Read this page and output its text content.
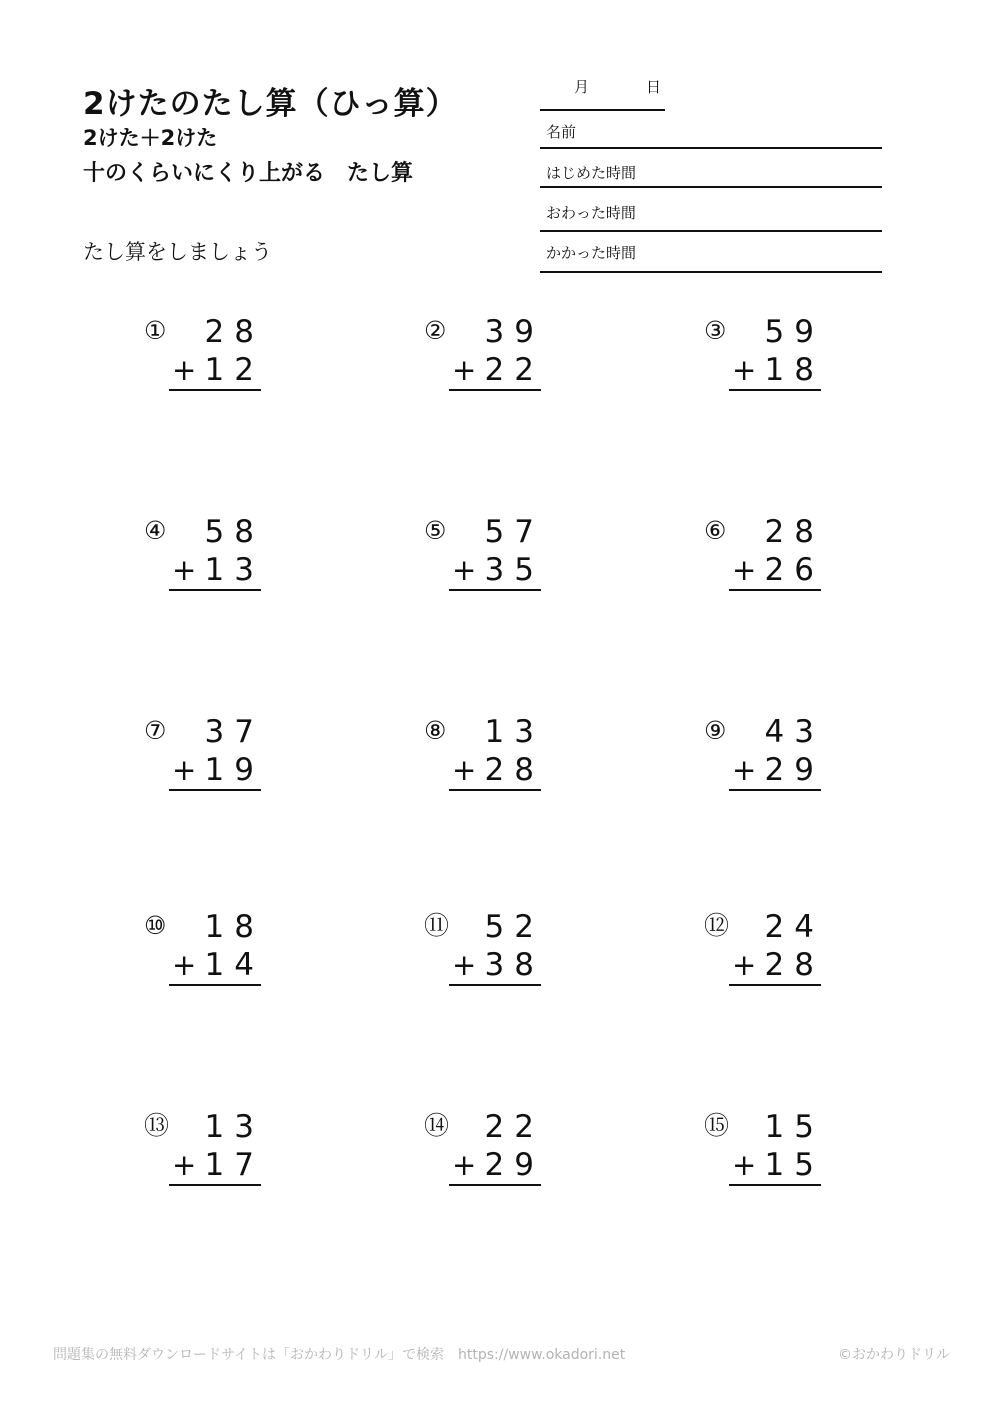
2けたのたし算（ひっ算）
2けた＋2けた
十のくらいにくり上がる　たし算
たし算をしましょう
月	日
名前
はじめた時間
おわった時間
かかった時間
①	28
+ 12
②	39
+ 22
③	59
+ 18
④	58
+ 13
⑤	57
+ 35
⑥	28
+ 26
⑦	37
+ 19
⑧	13
+ 28
⑨	43
+ 29
⑩	18
+ 14
⑪	52
+ 38
⑫	24
+ 28
⑬	13
+ 17
⑭	22
+ 29
⑮	15
+ 15
問題集の無料ダウンロードサイトは「おかわりドリル」で検索　https://www.okadori.net	©おかわりドリル
